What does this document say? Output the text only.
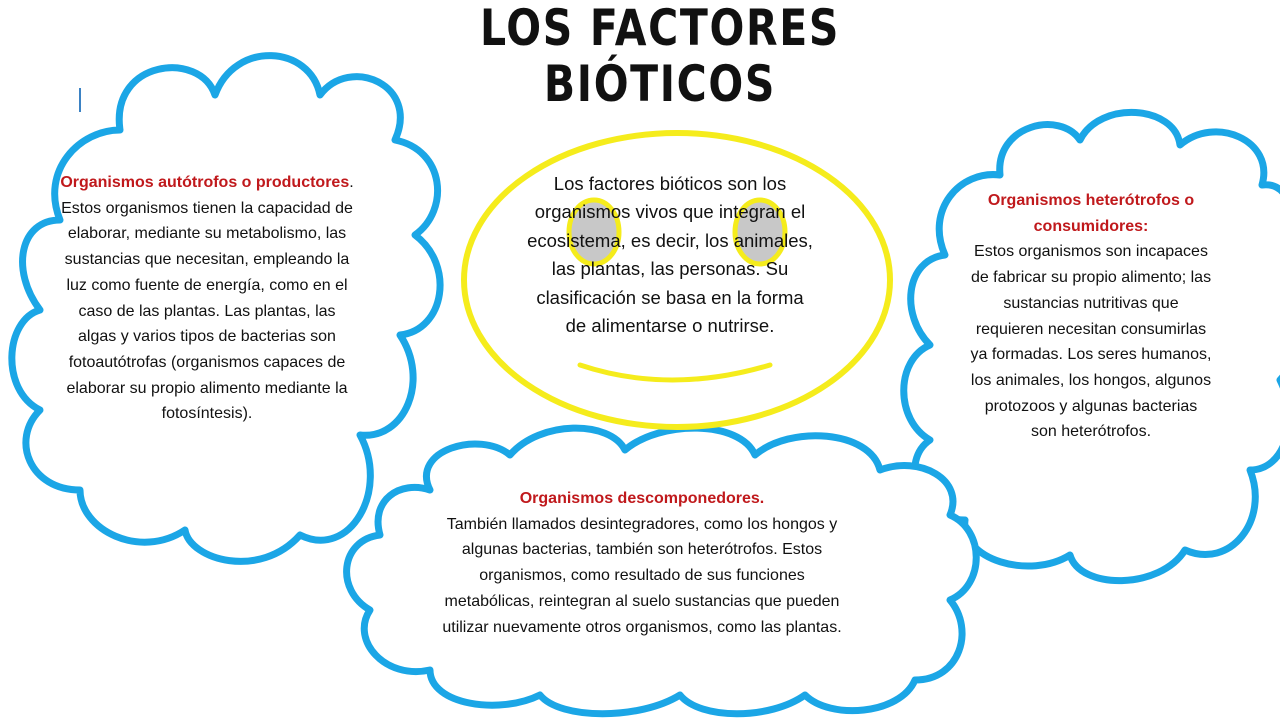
LOS FACTORES
BIÓTICOS
Los factores bióticos son los organismos vivos que integran el ecosistema, es decir, los animales, las plantas, las personas. Su clasificación se basa en la forma de alimentarse o nutrirse.
Organismos autótrofos o productores. Estos organismos tienen la capacidad de elaborar, mediante su metabolismo, las sustancias que necesitan, empleando la luz como fuente de energía, como en el caso de las plantas. Las plantas, las algas y varios tipos de bacterias son fotoautótrofas (organismos capaces de elaborar su propio alimento mediante la fotosíntesis).
Organismos heterótrofos o consumidores:
Estos organismos son incapaces de fabricar su propio alimento; las sustancias nutritivas que requieren necesitan consumirlas ya formadas. Los seres humanos, los animales, los hongos, algunos protozoos y algunas bacterias son heterótrofos.
Organismos descomponedores.
También llamados desintegradores, como los hongos y algunas bacterias, también son heterótrofos. Estos organismos, como resultado de sus funciones metabólicas, reintegran al suelo sustancias que pueden utilizar nuevamente otros organismos, como las plantas.
